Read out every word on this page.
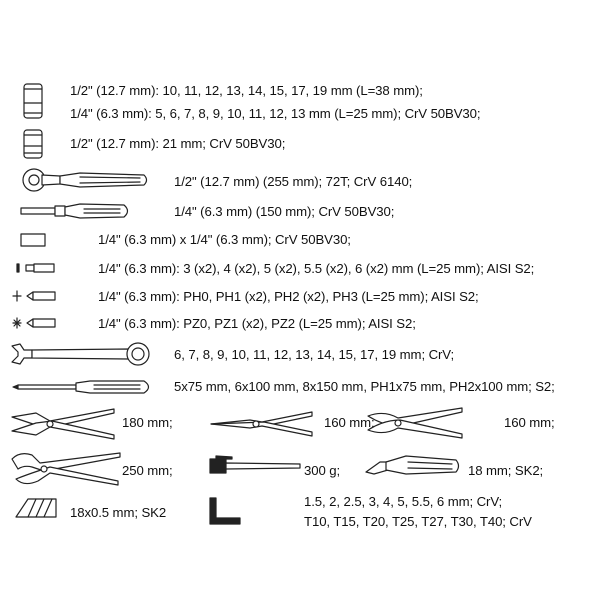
1/2" (12.7 mm): 10, 11, 12, 13, 14, 15, 17, 19 mm (L=38 mm);
1/4" (6.3 mm): 5, 6, 7, 8, 9, 10, 11, 12, 13 mm (L=25 mm); CrV 50BV30;
1/2" (12.7 mm): 21 mm; CrV 50BV30;
1/2" (12.7 mm) (255 mm); 72T; CrV 6140;
1/4" (6.3 mm) (150 mm); CrV 50BV30;
1/4" (6.3 mm) x 1/4" (6.3 mm); CrV 50BV30;
1/4" (6.3 mm): 3 (x2), 4 (x2), 5 (x2), 5.5 (x2), 6 (x2) mm (L=25 mm); AISI S2;
1/4" (6.3 mm): PH0, PH1 (x2), PH2 (x2), PH3 (L=25 mm); AISI S2;
1/4" (6.3 mm): PZ0, PZ1 (x2), PZ2 (L=25 mm); AISI S2;
6, 7, 8, 9, 10, 11, 12, 13, 14, 15, 17, 19 mm; CrV;
5x75 mm, 6x100 mm, 8x150 mm, PH1x75 mm, PH2x100 mm; S2;
180 mm;	160 mm;	160 mm;
250 mm;	300 g;	18 mm; SK2;
18x0.5 mm; SK2
1.5, 2, 2.5, 3, 4, 5, 5.5, 6 mm; CrV;
T10, T15, T20, T25, T27, T30, T40; CrV
